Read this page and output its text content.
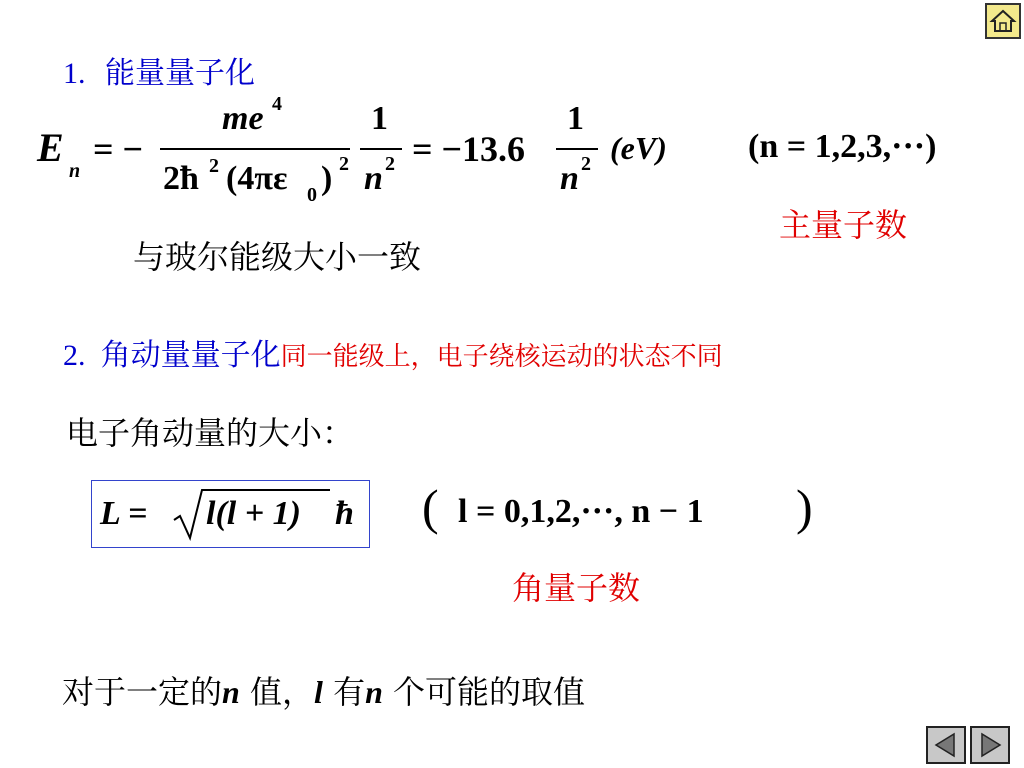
1. 能量量子化
E
n
= −
me 4
2ħ 2 (4πε 0 ) 2
1
n 2 = −13.6
1
n 2 (eV) (n = 1,2,3,···)
主量子数
与玻尔能级大小一致
2. 角动量量子化同一能级上，电子绕核运动的状态不同
电子角动量的大小：
L = l(l + 1) ħ ( l = 0,1,2,···, n − 1 )
角量子数
对于一定的n 值，l 有n 个可能的取值
